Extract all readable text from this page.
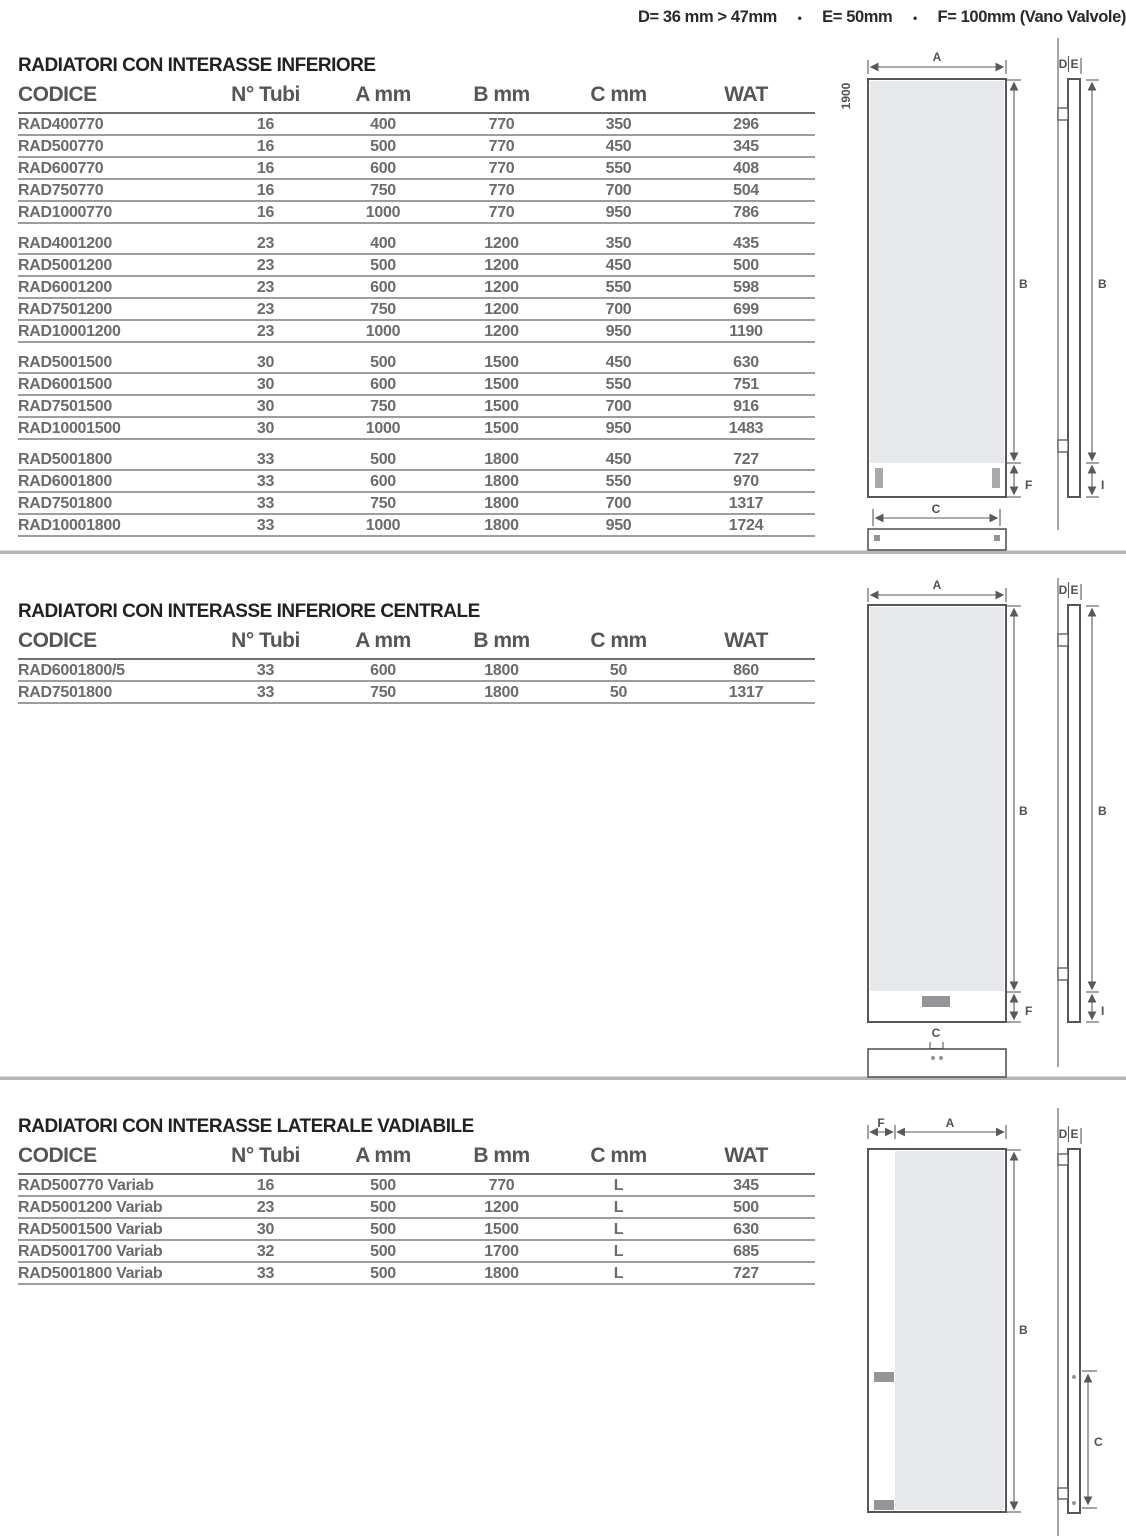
D= 36 mm > 47mm • E= 50mm • F= 100mm (Vano Valvole)
RADIATORI CON INTERASSE INFERIORE
CODICE	N° Tubi	A mm	B mm	C mm	WAT
RAD400770	16	400	770	350	296
RAD500770	16	500	770	450	345
RAD600770	16	600	770	550	408
RAD750770	16	750	770	700	504
RAD1000770	16	1000	770	950	786
RAD4001200	23	400	1200	350	435
RAD5001200	23	500	1200	450	500
RAD6001200	23	600	1200	550	598
RAD7501200	23	750	1200	700	699
RAD10001200	23	1000	1200	950	1190
RAD5001500	30	500	1500	450	630
RAD6001500	30	600	1500	550	751
RAD7501500	30	750	1500	700	916
RAD10001500	30	1000	1500	950	1483
RAD5001800	33	500	1800	450	727
RAD6001800	33	600	1800	550	970
RAD7501800	33	750	1800	700	1317
RAD10001800	33	1000	1800	950	1724
RADIATORI CON INTERASSE INFERIORE CENTRALE
CODICE	N° Tubi	A mm	B mm	C mm	WAT
RAD6001800/5	33	600	1800	50	860
RAD7501800	33	750	1800	50	1317
RADIATORI CON INTERASSE LATERALE VADIABILE
CODICE	N° Tubi	A mm	B mm	C mm	WAT
RAD500770 Variab	16	500	770	L	345
RAD5001200 Variab	23	500	1200	L	500
RAD5001500 Variab	30	500	1500	L	630
RAD5001700 Variab	32	500	1700	L	685
RAD5001800 Variab	33	500	1800	L	727
1900
A
B
F
C
D E
B
I
A
B
F
C
D E
B
I
F	A
B
D E
C
